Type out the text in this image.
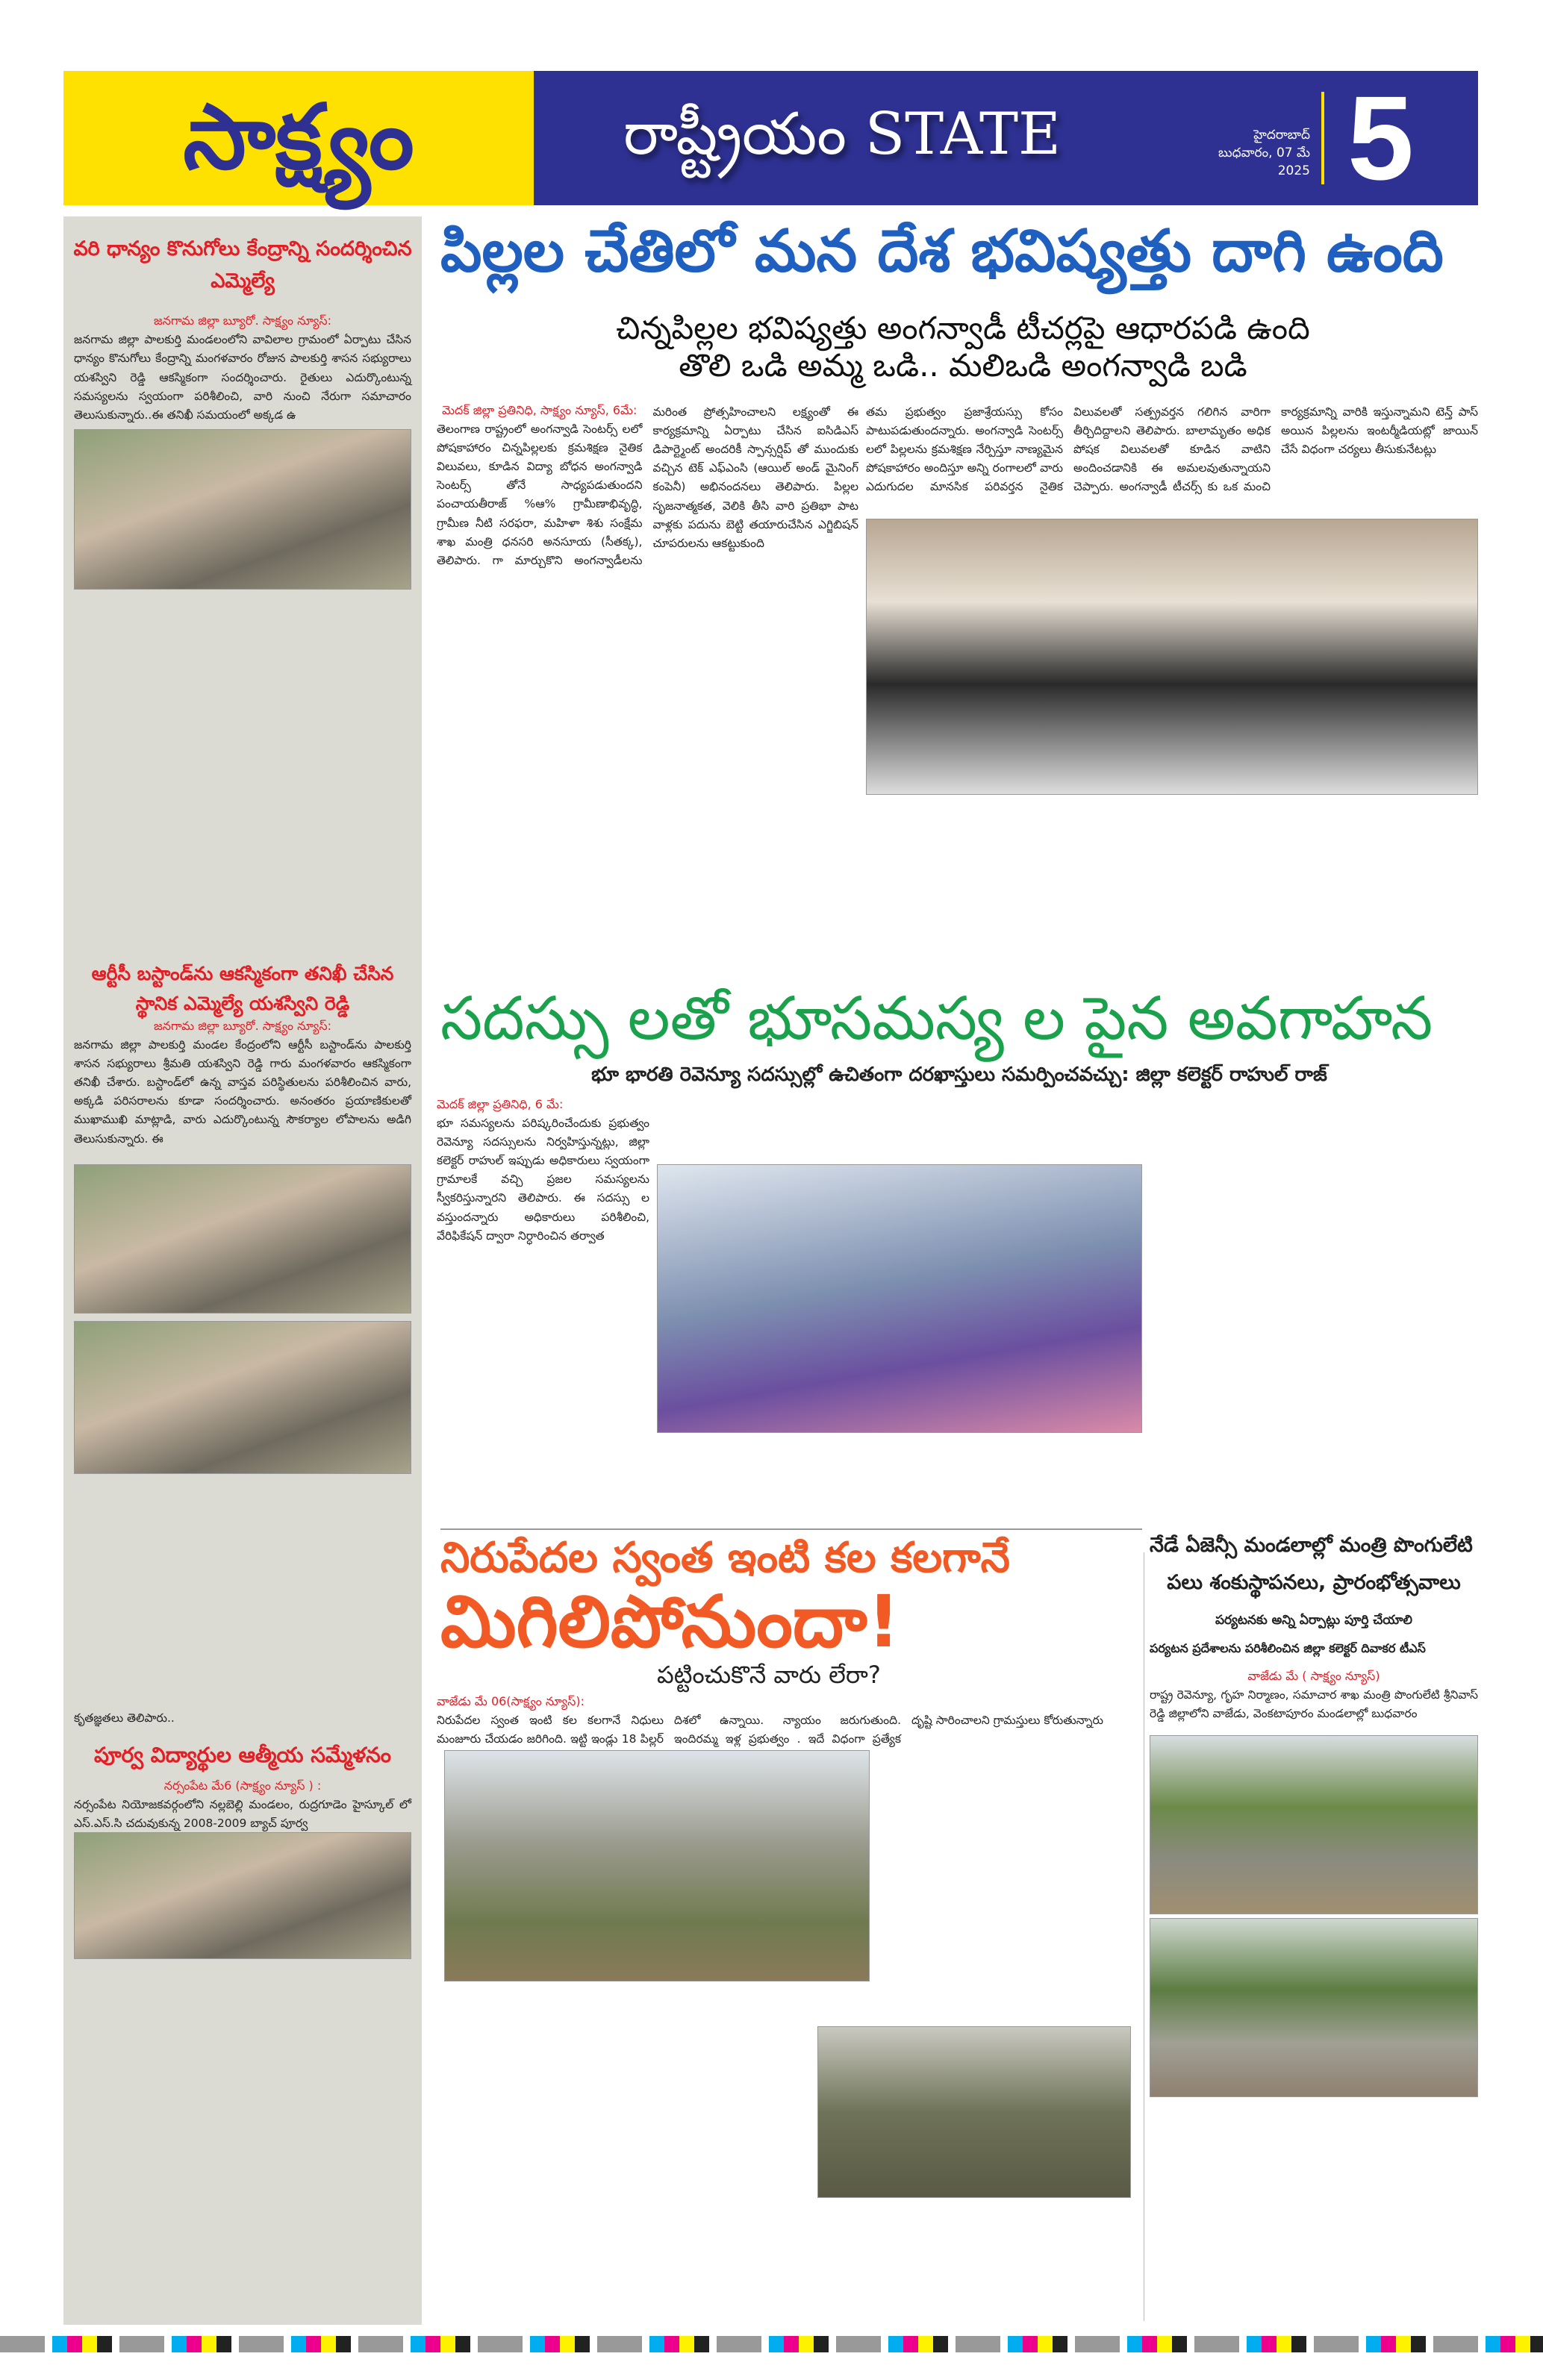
సాక్ష్యం	రాష్ట్రీయం STATE	హైదరాబాద్
బుధవారం, 07 మే 2025 5
వరి ధాన్యం కొనుగోలు కేంద్రాన్ని సందర్శించిన ఎమ్మెల్యే
జనగామ జిల్లా బ్యూరో. సాక్ష్యం న్యూస్:
జనగామ జిల్లా పాలకుర్తి మండలంలోని వావిలాల గ్రామంలో ఏర్పాటు చేసిన ధాన్యం కొనుగోలు కేంద్రాన్ని మంగళవారం రోజున పాలకుర్తి శాసన సభ్యురాలు యశస్విని రెడ్డి ఆకస్మికంగా సందర్శించారు. రైతులు ఎదుర్కొంటున్న సమస్యలను స్వయంగా పరిశీలించి, వారి నుంచి నేరుగా సమాచారం తెలుసుకున్నారు..ఈ తనిఖీ సమయంలో అక్కడ ఉ
ఆర్టీసీ బస్టాండ్‌ను ఆకస్మికంగా తనిఖీ చేసిన స్థానిక ఎమ్మెల్యే యశస్విని రెడ్డి
జనగామ జిల్లా బ్యూరో. సాక్ష్యం న్యూస్:
జనగామ జిల్లా పాలకుర్తి మండల కేంద్రంలోని ఆర్టీసీ బస్టాండ్‌ను పాలకుర్తి శాసన సభ్యురాలు శ్రీమతి యశస్విని రెడ్డి గారు మంగళవారం ఆకస్మికంగా తనిఖీ చేశారు. బస్టాండ్‌లో ఉన్న వాస్తవ పరిస్థితులను పరిశీలించిన వారు, అక్కడి పరిసరాలను కూడా సందర్శించారు. అనంతరం ప్రయాణికులతో ముఖాముఖి మాట్లాడి, వారు ఎదుర్కొంటున్న సౌకర్యాల లోపాలను అడిగి తెలుసుకున్నారు. ఈ
కృతజ్ఞతలు తెలిపారు..
పూర్వ విద్యార్థుల ఆత్మీయ సమ్మేళనం
నర్సంపేట మే6 (సాక్ష్యం న్యూస్ ) :
నర్సంపేట నియోజకవర్గంలోని నల్లబెల్లి మండలం, రుద్రగూడెం హైస్కూల్ లో ఎస్.ఎస్.సి చదువుకున్న 2008-2009 బ్యాచ్ పూర్వ
పిల్లల చేతిలో మన దేశ భవిష్యత్తు దాగి ఉంది
చిన్నపిల్లల భవిష్యత్తు అంగన్వాడీ టీచర్లపై ఆధారపడి ఉంది
తొలి ఒడి అమ్మ ఒడి.. మలిఒడి అంగన్వాడి బడి
మెదక్ జిల్లా ప్రతినిధి, సాక్ష్యం న్యూస్, 6మే:
తెలంగాణ రాష్ట్రంలో అంగన్వాడి సెంటర్స్ లలో పోషకాహారం చిన్నపిల్లలకు క్రమశిక్షణ నైతిక విలువలు, కూడిన విద్యా బోధన అంగన్వాడి సెంటర్స్ తోనే సాధ్యపడుతుందని పంచాయతీరాజ్ %ఆ% గ్రామీణాభివృద్ధి, గ్రామీణ నీటి సరఫరా, మహిళా శిశు సంక్షేమ శాఖ మంత్రి ధనసరి అనసూయ (సీతక్క), తెలిపారు. గా మార్చుకొని అంగన్వాడీలను మరింత ప్రోత్సహించాలని లక్ష్యంతో ఈ కార్యక్రమాన్ని ఏర్పాటు చేసిన ఐసిడిఎస్ డిపార్ట్మెంట్ అందరికీ స్పాన్సర్షిప్ తో ముందుకు వచ్చిన టెక్ ఎఫ్ఎంసి (ఆయిల్ అండ్ మైనింగ్ కంపెనీ) అభినందనలు తెలిపారు. పిల్లల సృజనాత్మకత, వెలికి తీసి వారి ప్రతిభా పాట వాళ్లకు పదును బెట్టి తయారుచేసిన ఎగ్జిబిషన్ చూపరులను ఆకట్టుకుంది
తమ ప్రభుత్వం ప్రజాశ్రేయస్సు కోసం పాటుపడుతుందన్నారు. అంగన్వాడి సెంటర్స్ లలో పిల్లలను క్రమశిక్షణ నేర్పిస్తూ నాణ్యమైన పోషకాహారం అందిస్తూ అన్ని రంగాలలో వారు ఎదుగుదల మానసిక పరివర్తన నైతిక విలువలతో సత్ప్రవర్తన గలిగిన వారిగా తీర్చిదిద్దాలని తెలిపారు. బాలామృతం అధిక పోషక విలువలతో కూడిన వాటిని అందించడానికి ఈ అమలవుతున్నాయని చెప్పారు. అంగన్వాడీ టీచర్స్ కు ఒక మంచి కార్యక్రమాన్ని వారికి ఇస్తున్నామని టెన్త్ పాస్ అయిన పిల్లలను ఇంటర్మీడియట్లో జాయిన్ చేసే విధంగా చర్యలు తీసుకునేటట్లు
సదస్సు లతో భూసమస్య ల పైన అవగాహన
భూ భారతి రెవెన్యూ సదస్సుల్లో ఉచితంగా దరఖాస్తులు సమర్పించవచ్చు: జిల్లా కలెక్టర్ రాహుల్ రాజ్
మెదక్ జిల్లా ప్రతినిధి, 6 మే:
భూ సమస్యలను పరిష్కరించేందుకు ప్రభుత్వం రెవెన్యూ సదస్సులను నిర్వహిస్తున్నట్లు, జిల్లా కలెక్టర్ రాహుల్ ఇప్పుడు అధికారులు స్వయంగా గ్రామాలకే వచ్చి ప్రజల సమస్యలను స్వీకరిస్తున్నారని తెలిపారు. ఈ సదస్సు ల వస్తుందన్నారు అధికారులు పరిశీలించి, వేరిఫికేషన్ ద్వారా నిర్ధారించిన తర్వాత
నిరుపేదల స్వంత ఇంటి కల కలగానే
మిగిలిపోనుందా!
పట్టించుకొనే వారు లేరా?
వాజేడు మే 06(సాక్ష్యం న్యూస్):
నిరుపేదల స్వంత ఇంటి కల కలగానే నిధులు మంజూరు చేయడం జరిగింది. ఇట్టి ఇండ్లు 18 పిల్లర్ దిశలో ఉన్నాయి. న్యాయం జరుగుతుంది. ఇందిరమ్మ ఇళ్ల ప్రభుత్వం . ఇదే విధంగా ప్రత్యేక దృష్టి సారించాలని గ్రామస్తులు కోరుతున్నారు
నేడే ఏజెన్సీ మండలాల్లో మంత్రి పొంగులేటి
పలు శంకుస్థాపనలు, ప్రారంభోత్సవాలు
పర్యటనకు అన్ని ఏర్పాట్లు పూర్తి చేయాలి
పర్యటన ప్రదేశాలను పరిశీలించిన జిల్లా కలెక్టర్ దివాకర టీఎస్
వాజేడు మే ( సాక్ష్యం న్యూస్)
రాష్ట్ర రెవెన్యూ, గృహ నిర్మాణం, సమాచార శాఖ మంత్రి పొంగులేటి శ్రీనివాస్ రెడ్డి జిల్లాలోని వాజేడు, వెంకటాపూరం మండలాల్లో బుధవారం
